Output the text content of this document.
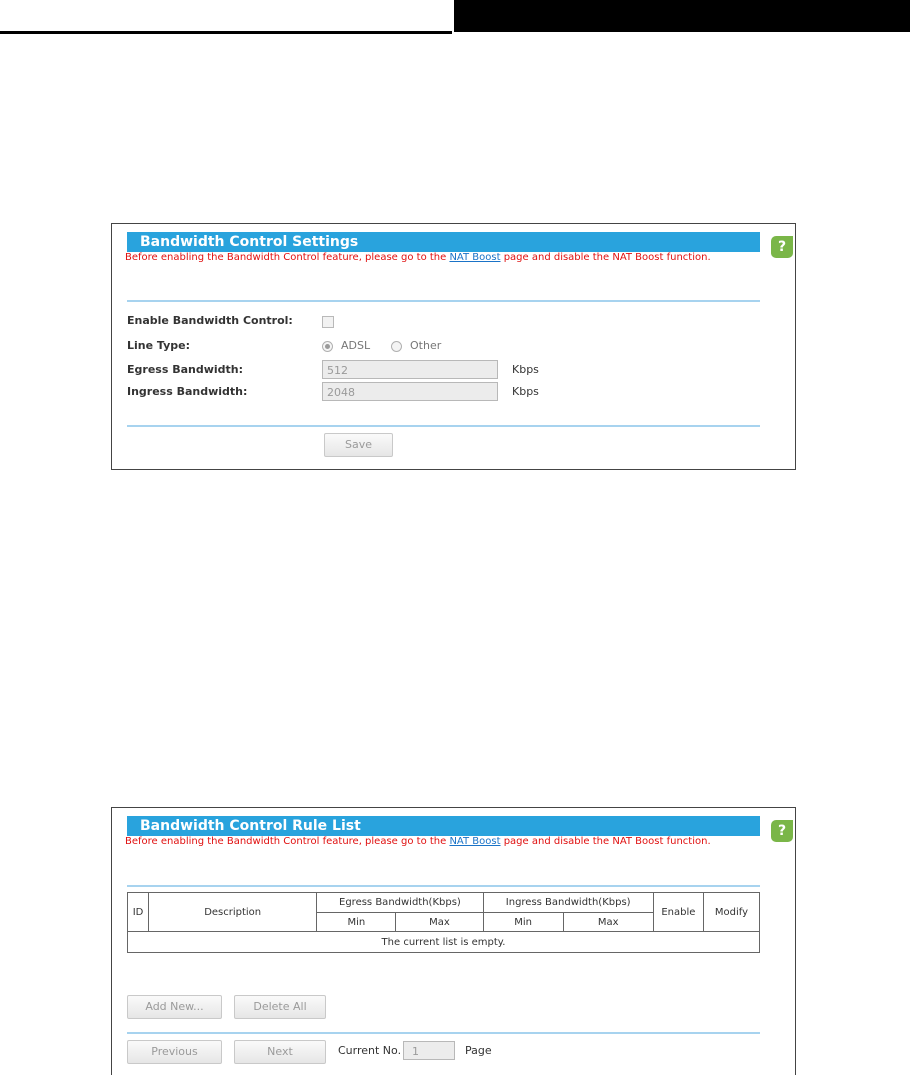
Bandwidth Control Settings	?
Before enabling the Bandwidth Control feature, please go to the NAT Boost page and disable the NAT Boost function.
Enable Bandwidth Control:
Line Type:	ADSL	Other
Egress Bandwidth:	512	Kbps
Ingress Bandwidth:	2048	Kbps
Save
Bandwidth Control Rule List	?
Before enabling the Bandwidth Control feature, please go to the NAT Boost page and disable the NAT Boost function.
ID	Description	Egress Bandwidth(Kbps)		Ingress Bandwidth(Kbps)		Enable	Modify
		Min	Max	Min	Max		
The current list is empty.							
Add New...	Delete All
Previous	Next	Current No. 1	Page
